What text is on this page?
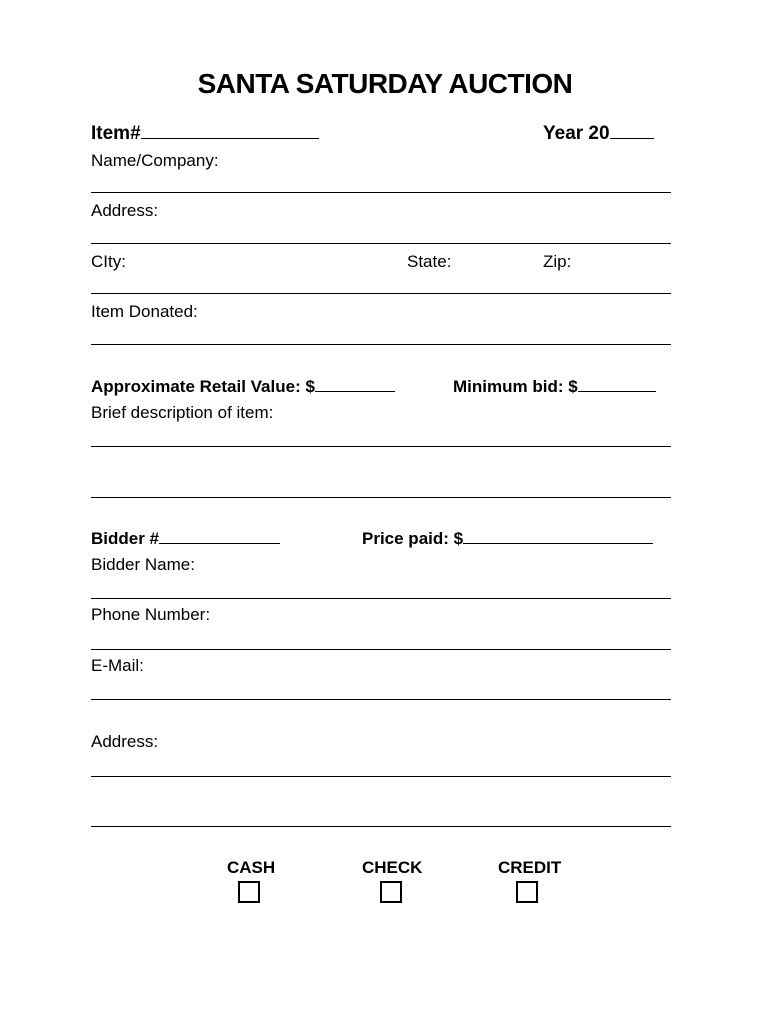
SANTA SATURDAY AUCTION
Item#	Year 20
Name/Company:
Address:
CIty:	State:	Zip:
Item Donated:
Approximate Retail Value: $	Minimum bid: $
Brief description of item:
Bidder #	Price paid: $
Bidder Name:
Phone Number:
E-Mail:
Address:
CASH	CHECK	CREDIT
